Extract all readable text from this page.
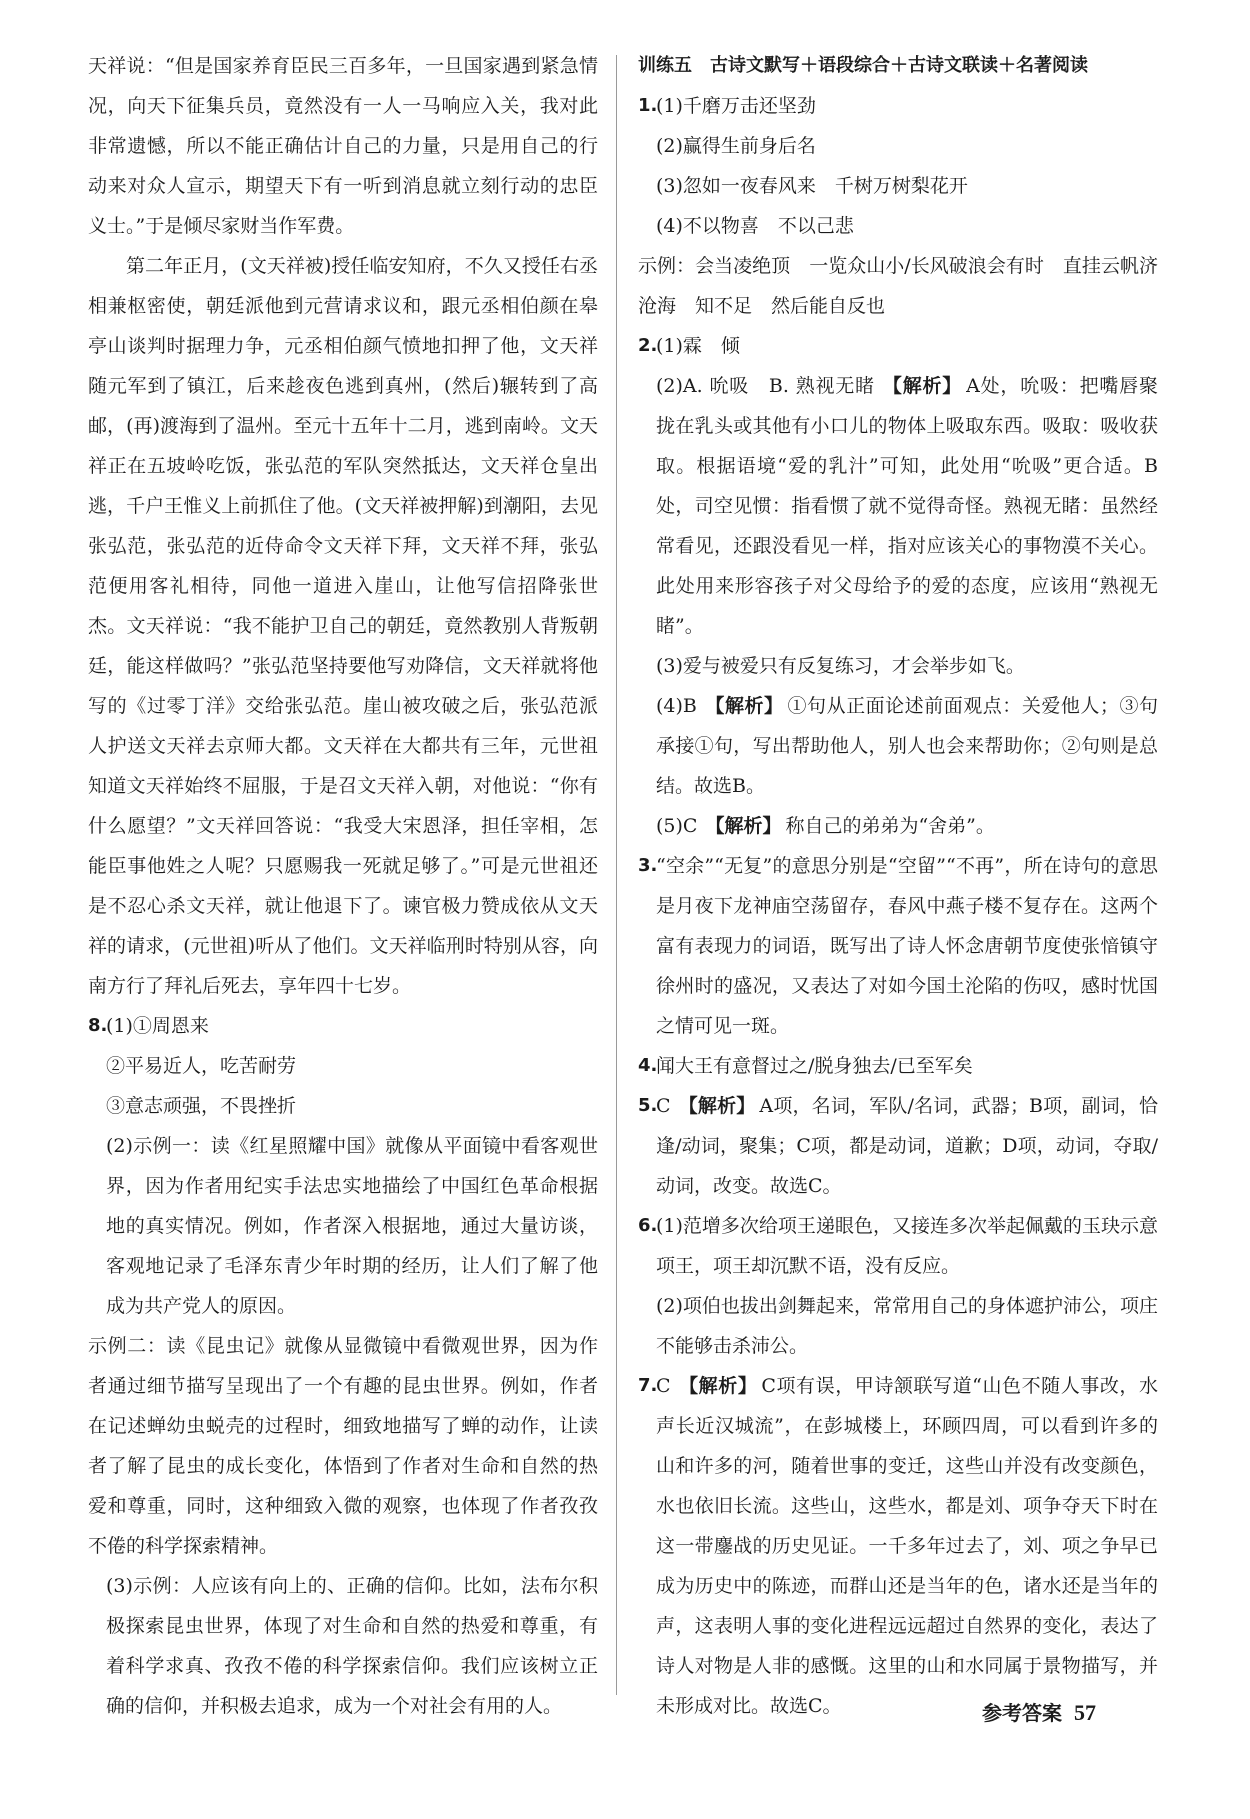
天祥说：“但是国家养育臣民三百多年，一旦国家遇到紧急情况，向天下征集兵员，竟然没有一人一马响应入关，我对此非常遗憾，所以不能正确估计自己的力量，只是用自己的行动来对众人宣示，期望天下有一听到消息就立刻行动的忠臣义士。”于是倾尽家财当作军费。

第二年正月，(文天祥被)授任临安知府，不久又授任右丞相兼枢密使，朝廷派他到元营请求议和，跟元丞相伯颜在皋亭山谈判时据理力争，元丞相伯颜气愤地扣押了他，文天祥随元军到了镇江，后来趁夜色逃到真州，(然后)辗转到了高邮，(再)渡海到了温州。至元十五年十二月，逃到南岭。文天祥正在五坡岭吃饭，张弘范的军队突然抵达，文天祥仓皇出逃，千户王惟义上前抓住了他。(文天祥被押解)到潮阳，去见张弘范，张弘范的近侍命令文天祥下拜，文天祥不拜，张弘范便用客礼相待，同他一道进入崖山，让他写信招降张世杰。文天祥说：“我不能护卫自己的朝廷，竟然教别人背叛朝廷，能这样做吗？”张弘范坚持要他写劝降信，文天祥就将他写的《过零丁洋》交给张弘范。崖山被攻破之后，张弘范派人护送文天祥去京师大都。文天祥在大都共有三年，元世祖知道文天祥始终不屈服，于是召文天祥入朝，对他说：“你有什么愿望？”文天祥回答说：“我受大宋恩泽，担任宰相，怎能臣事他姓之人呢？只愿赐我一死就足够了。”可是元世祖还是不忍心杀文天祥，就让他退下了。谏官极力赞成依从文天祥的请求，(元世祖)听从了他们。文天祥临刑时特别从容，向南方行了拜礼后死去，享年四十七岁。

8.

(1)①周恩来

②平易近人，吃苦耐劳

③意志顽强，不畏挫折

(2)示例一：读《红星照耀中国》就像从平面镜中看客观世界，因为作者用纪实手法忠实地描绘了中国红色革命根据地的真实情况。例如，作者深入根据地，通过大量访谈，客观地记录了毛泽东青少年时期的经历，让人们了解了他成为共产党人的原因。

示例二：读《昆虫记》就像从显微镜中看微观世界，因为作者通过细节描写呈现出了一个有趣的昆虫世界。例如，作者在记述蝉幼虫蜕壳的过程时，细致地描写了蝉的动作，让读者了解了昆虫的成长变化，体悟到了作者对生命和自然的热爱和尊重，同时，这种细致入微的观察，也体现了作者孜孜不倦的科学探索精神。

(3)示例：人应该有向上的、正确的信仰。比如，法布尔积极探索昆虫世界，体现了对生命和自然的热爱和尊重，有着科学求真、孜孜不倦的科学探索信仰。我们应该树立正确的信仰，并积极去追求，成为一个对社会有用的人。

训练五　古诗文默写＋语段综合＋古诗文联读＋名著阅读

1.

(1)千磨万击还坚劲

(2)赢得生前身后名

(3)忽如一夜春风来　千树万树梨花开

(4)不以物喜　不以己悲

示例：会当凌绝顶　一览众山小/长风破浪会有时　直挂云帆济沧海　知不足　然后能自反也

2.

(1)霖　倾

(2)A. 吮吸　B. 熟视无睹 【解析】 A处，吮吸：把嘴唇聚拢在乳头或其他有小口儿的物体上吸取东西。吸取：吸收获取。根据语境“爱的乳汁”可知，此处用“吮吸”更合适。B处，司空见惯：指看惯了就不觉得奇怪。熟视无睹：虽然经常看见，还跟没看见一样，指对应该关心的事物漠不关心。此处用来形容孩子对父母给予的爱的态度，应该用“熟视无睹”。

(3)爱与被爱只有反复练习，才会举步如飞。

(4)B 【解析】 ①句从正面论述前面观点：关爱他人；③句承接①句，写出帮助他人，别人也会来帮助你；②句则是总结。故选B。

(5)C 【解析】 称自己的弟弟为“舍弟”。

3.

“空余”“无复”的意思分别是“空留”“不再”，所在诗句的意思是月夜下龙神庙空荡留存，春风中燕子楼不复存在。这两个富有表现力的词语，既写出了诗人怀念唐朝节度使张愔镇守徐州时的盛况，又表达了对如今国土沦陷的伤叹，感时忧国之情可见一斑。

4.

闻大王有意督过之/脱身独去/已至军矣

5.

C 【解析】 A项，名词，军队/名词，武器；B项，副词，恰逢/动词，聚集；C项，都是动词，道歉；D项，动词，夺取/动词，改变。故选C。

6.

(1)范增多次给项王递眼色，又接连多次举起佩戴的玉玦示意项王，项王却沉默不语，没有反应。

(2)项伯也拔出剑舞起来，常常用自己的身体遮护沛公，项庄不能够击杀沛公。

7.

C 【解析】 C项有误，甲诗颔联写道“山色不随人事改，水声长近汉城流”，在彭城楼上，环顾四周，可以看到许多的山和许多的河，随着世事的变迁，这些山并没有改变颜色，水也依旧长流。这些山，这些水，都是刘、项争夺天下时在这一带鏖战的历史见证。一千多年过去了，刘、项之争早已成为历史中的陈迹，而群山还是当年的色，诸水还是当年的声，这表明人事的变化进程远远超过自然界的变化，表达了诗人对物是人非的感慨。这里的山和水同属于景物描写，并未形成对比。故选C。	参考答案 57
